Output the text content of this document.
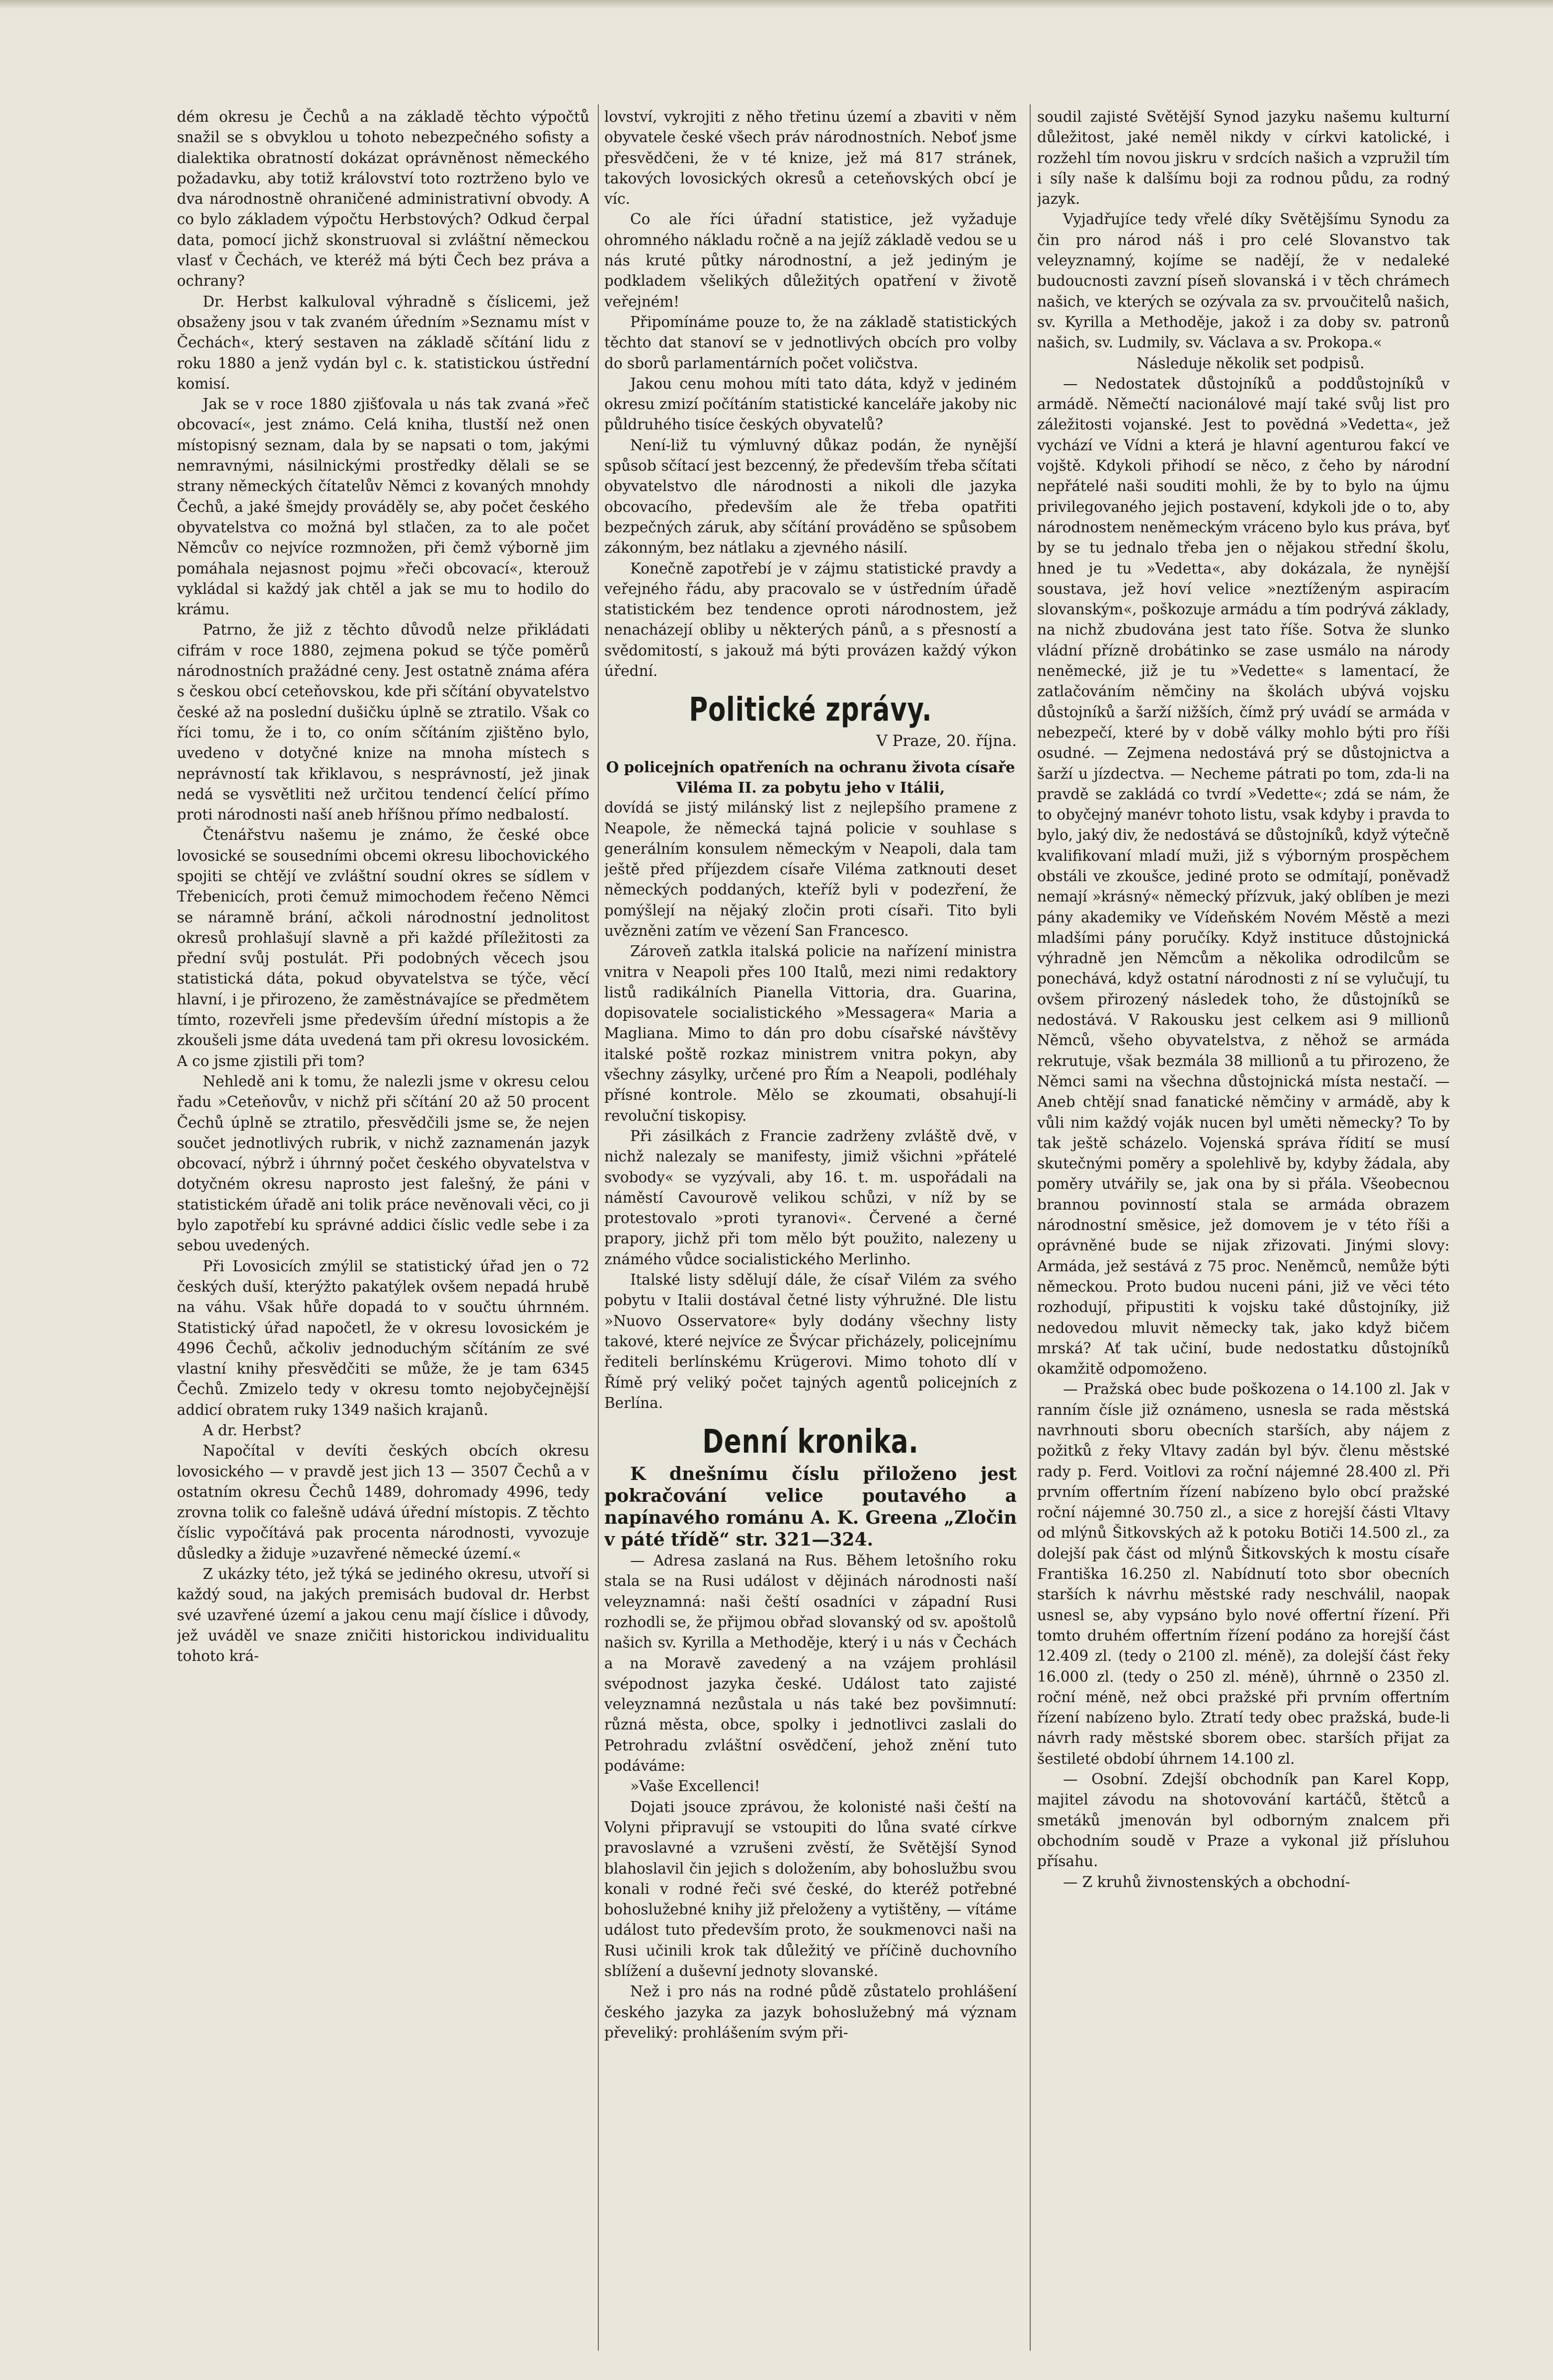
dém okresu je Čechů a na základě těchto výpočtů snažil se s obvyklou u tohoto nebezpečného sofisty a dialektika obratností dokázat oprávněnost německého požadavku, aby totiž království toto roztrženo bylo ve dva národnostně ohraničené administrativní obvody. A co bylo základem výpočtu Herbstových? Odkud čerpal data, pomocí jichž skonstruoval si zvláštní německou vlasť v Čechách, ve kteréž má býti Čech bez práva a ochrany?

Dr. Herbst kalkuloval výhradně s číslicemi, jež obsaženy jsou v tak zvaném úředním »Seznamu míst v Čechách«, který sestaven na základě sčítání lidu z roku 1880 a jenž vydán byl c. k. statistickou ústřední komisí.

Jak se v roce 1880 zjišťovala u nás tak zvaná »řeč obcovací«, jest známo. Celá kniha, tlustší než onen místopisný seznam, dala by se napsati o tom, jakými nemravnými, násilnickými prostředky dělali se se strany německých čítatelův Němci z kovaných mnohdy Čechů, a jaké šmejdy prováděly se, aby počet českého obyvatelstva co možná byl stlačen, za to ale počet Němcův co nejvíce rozmnožen, při čemž výborně jim pomáhala nejasnost pojmu »řeči obcovací«, kterouž vykládal si každý jak chtěl a jak se mu to hodilo do krámu.

Patrno, že již z těchto důvodů nelze přikládati cifrám v roce 1880, zejmena pokud se týče poměrů národnostních pražádné ceny. Jest ostatně známa aféra s českou obcí ceteňovskou, kde při sčítání obyvatelstvo české až na poslední dušičku úplně se ztratilo. Však co říci tomu, že i to, co oním sčítáním zjištěno bylo, uvedeno v dotyčné knize na mnoha místech s neprávností tak křiklavou, s nesprávností, jež jinak nedá se vysvětliti než určitou tendencí čelící přímo proti národnosti naší aneb hříšnou přímo nedbalostí.

Čtenářstvu našemu je známo, že české obce lovosické se sousedními obcemi okresu libochovického spojiti se chtějí ve zvláštní soudní okres se sídlem v Třebenicích, proti čemuž mimochodem řečeno Němci se náramně brání, ačkoli národnostní jednolitost okresů prohlašují slavně a při každé příležitosti za přední svůj postulát. Při podobných věcech jsou statistická dáta, pokud obyvatelstva se týče, věcí hlavní, i je přirozeno, že zaměstnávajíce se předmětem tímto, rozevřeli jsme především úřední místopis a že zkoušeli jsme dáta uvedená tam při okresu lovosickém. A co jsme zjistili při tom?

Nehledě ani k tomu, že nalezli jsme v okresu celou řadu »Ceteňovův, v nichž při sčítání 20 až 50 procent Čechů úplně se ztratilo, přesvědčili jsme se, že nejen součet jednotlivých rubrik, v nichž zaznamenán jazyk obcovací, nýbrž i úhrnný počet českého obyvatelstva v dotyčném okresu naprosto jest falešný, že páni v statistickém úřadě ani tolik práce nevěnovali věci, co ji bylo zapotřebí ku správné addici číslic vedle sebe i za sebou uvedených.

Při Lovosicích zmýlil se statistický úřad jen o 72 českých duší, kterýžto pakatýlek ovšem nepadá hrubě na váhu. Však hůře dopadá to v součtu úhrnném. Statistický úřad napočetl, že v okresu lovosickém je 4996 Čechů, ačkoliv jednoduchým sčítáním ze své vlastní knihy přesvědčiti se může, že je tam 6345 Čechů. Zmizelo tedy v okresu tomto nejobyčejnější addicí obratem ruky 1349 našich krajanů.

A dr. Herbst?

Napočítal v devíti českých obcích okresu lovosického — v pravdě jest jich 13 — 3507 Čechů a v ostatním okresu Čechů 1489, dohromady 4996, tedy zrovna tolik co falešně udává úřední místopis. Z těchto číslic vypočítává pak procenta národnosti, vyvozuje důsledky a židuje »uzavřené německé území.«

Z ukázky této, jež týká se jediného okresu, utvoří si každý soud, na jakých premisách budoval dr. Herbst své uzavřené území a jakou cenu mají číslice i důvody, jež uváděl ve snaze zničiti historickou individualitu tohoto krá-

lovství, vykrojiti z něho třetinu území a zbaviti v něm obyvatele české všech práv národnostních. Neboť jsme přesvědčeni, že v té knize, jež má 817 stránek, takových lovosických okresů a ceteňovských obcí je víc.

Co ale říci úřadní statistice, jež vyžaduje ohromného nákladu ročně a na jejíž základě vedou se u nás kruté půtky národnostní, a jež jediným je podkladem všelikých důležitých opatření v životě veřejném!

Připomínáme pouze to, že na základě statistických těchto dat stanoví se v jednotlivých obcích pro volby do sborů parlamentárních počet voličstva.

Jakou cenu mohou míti tato dáta, když v jediném okresu zmizí počítáním statistické kanceláře jakoby nic půldruhého tisíce českých obyvatelů?

Není-liž tu výmluvný důkaz podán, že nynější spůsob sčítací jest bezcenný, že především třeba sčítati obyvatelstvo dle národnosti a nikoli dle jazyka obcovacího, především ale že třeba opatřiti bezpečných záruk, aby sčítání prováděno se spůsobem zákonným, bez nátlaku a zjevného násilí.

Konečně zapotřebí je v zájmu statistické pravdy a veřejného řádu, aby pracovalo se v ústředním úřadě statistickém bez tendence oproti národnostem, jež nenacházejí obliby u některých pánů, a s přesností a svědomitostí, s jakouž má býti provázen každý výkon úřední.

Politické zprávy.
V Praze, 20. října.

O policejních opatřeních na ochranu života císaře Viléma II. za pobytu jeho v Itálii,

dovídá se jistý milánský list z nejlepšího pramene z Neapole, že německá tajná policie v souhlase s generálním konsulem německým v Neapoli, dala tam ještě před příjezdem císaře Viléma zatknouti deset německých poddaných, kteříž byli v podezření, že pomýšlejí na nějaký zločin proti císaři. Tito byli uvězněni zatím ve vězení San Francesco.

Zároveň zatkla italská policie na nařízení ministra vnitra v Neapoli přes 100 Italů, mezi nimi redaktory listů radikálních Pianella Vittoria, dra. Guarina, dopisovatele socialistického »Messagera« Maria a Magliana. Mimo to dán pro dobu císařské návštěvy italské poště rozkaz ministrem vnitra pokyn, aby všechny zásylky, určené pro Řím a Neapoli, podléhaly přísné kontrole. Mělo se zkoumati, obsahují-li revoluční tiskopisy.

Při zásilkách z Francie zadrženy zvláště dvě, v nichž nalezaly se manifesty, jimiž všichni »přátelé svobody« se vyzývali, aby 16. t. m. uspořádali na náměstí Cavourově velikou schůzi, v níž by se protestovalo »proti tyranovi«. Červené a černé prapory, jichž při tom mělo být použito, nalezeny u známého vůdce socialistického Merlinho.

Italské listy sdělují dále, že císař Vilém za svého pobytu v Italii dostával četné listy výhružné. Dle listu »Nuovo Osservatore« byly dodány všechny listy takové, které nejvíce ze Švýcar přicházely, policejnímu řediteli berlínskému Krügerovi. Mimo tohoto dlí v Římě prý veliký počet tajných agentů policejních z Berlína.

Denní kronika.

K dnešnímu číslu přiloženo jest pokračování velice poutavého a napínavého románu A. K. Greena „Zločin v páté třídě“ str. 321—324.

— Adresa zaslaná na Rus. Během letošního roku stala se na Rusi událost v dějinách národnosti naší veleyznamná: naši čeští osadníci v západní Rusi rozhodli se, že přijmou obřad slovanský od sv. apoštolů našich sv. Kyrilla a Methoděje, který i u nás v Čechách a na Moravě zavedený a na vzájem prohlásil svépodnost jazyka české. Událost tato zajisté veleyznamná nezůstala u nás také bez povšimnutí: různá města, obce, spolky i jednotlivci zaslali do Petrohradu zvláštní osvědčení, jehož znění tuto podáváme:

»Vaše Excellenci!

Dojati jsouce zprávou, že kolonisté naši čeští na Volyni připravují se vstoupiti do lůna svaté církve pravoslavné a vzrušeni zvěstí, že Světější Synod blahoslavil čin jejich s doložením, aby bohoslužbu svou konali v rodné řeči své české, do kteréž potřebné bohoslužebné knihy již přeloženy a vytištěny, — vítáme událost tuto především proto, že soukmenovci naši na Rusi učinili krok tak důležitý ve příčině duchovního sblížení a duševní jednoty slovanské.

Než i pro nás na rodné půdě zůstatelo prohlášení českého jazyka za jazyk bohoslužebný má význam převeliký: prohlášením svým při-

soudil zajisté Světější Synod jazyku našemu kulturní důležitost, jaké neměl nikdy v církvi katolické, i rozžehl tím novou jiskru v srdcích našich a vzpružil tím i síly naše k dalšímu boji za rodnou půdu, za rodný jazyk.

Vyjadřujíce tedy vřelé díky Světějšímu Synodu za čin pro národ náš i pro celé Slovanstvo tak veleyznamný, kojíme se nadějí, že v nedaleké budoucnosti zavzní píseň slovanská i v těch chrámech našich, ve kterých se ozývala za sv. prvoučitelů našich, sv. Kyrilla a Methoděje, jakož i za doby sv. patronů našich, sv. Ludmily, sv. Václava a sv. Prokopa.«

Následuje několik set podpisů.

— Nedostatek důstojníků a poddůstojníků v armádě. Němečtí nacionálové mají také svůj list pro záležitosti vojanské. Jest to povědná »Vedetta«, jež vychází ve Vídni a která je hlavní agenturou fakcí ve vojště. Kdykoli přihodí se něco, z čeho by národní nepřátelé naši souditi mohli, že by to bylo na újmu privilegovaného jejich postavení, kdykoli jde o to, aby národnostem neněmeckým vráceno bylo kus práva, byť by se tu jednalo třeba jen o nějakou střední školu, hned je tu »Vedetta«, aby dokázala, že nynější soustava, jež hoví velice »neztíženým aspiracím slovanským«, poškozuje armádu a tím podrývá základy, na nichž zbudována jest tato říše. Sotva že slunko vládní přízně drobátinko se zase usmálo na národy neněmecké, již je tu »Vedette« s lamentací, že zatlačováním němčiny na školách ubývá vojsku důstojníků a šarží nižších, čímž prý uvádí se armáda v nebezpečí, které by v době války mohlo býti pro říši osudné. — Zejmena nedostává prý se důstojnictva a šarží u jízdectva. — Necheme pátrati po tom, zda-li na pravdě se zakládá co tvrdí »Vedette«; zdá se nám, že to obyčejný manévr tohoto listu, vsak kdyby i pravda to bylo, jaký div, že nedostává se důstojníků, když výtečně kvalifikovaní mladí muži, již s výborným prospěchem obstáli ve zkoušce, jediné proto se odmítají, poněvadž nemají »krásný« německý přízvuk, jaký oblíben je mezi pány akademiky ve Vídeňském Novém Městě a mezi mladšími pány poručíky. Když instituce důstojnická výhradně jen Němcům a několika odrodilcům se ponechává, když ostatní národnosti z ní se vylučují, tu ovšem přirozený následek toho, že důstojníků se nedostává. V Rakousku jest celkem asi 9 millionů Němců, všeho obyvatelstva, z něhož se armáda rekrutuje, však bezmála 38 millionů a tu přirozeno, že Němci sami na všechna důstojnická místa nestačí. — Aneb chtějí snad fanatické němčiny v armádě, aby k vůli nim každý voják nucen byl uměti německy? To by tak ještě scházelo. Vojenská správa řídití se musí skutečnými poměry a spolehlivě by, kdyby žádala, aby poměry utvářily se, jak ona by si přála. Všeobecnou brannou povinností stala se armáda obrazem národnostní směsice, jež domovem je v této říši a oprávněné bude se nijak zřizovati. Jinými slovy: Armáda, jež sestává z 75 proc. Neněmců, nemůže býti německou. Proto budou nuceni páni, již ve věci této rozhodují, připustiti k vojsku také důstojníky, již nedovedou mluvit německy tak, jako když bičem mrská? Ať tak učiní, bude nedostatku důstojníků okamžitě odpomoženo.

— Pražská obec bude poškozena o 14.100 zl. Jak v ranním čísle již oznámeno, usnesla se rada městská navrhnouti sboru obecních starších, aby nájem z požitků z řeky Vltavy zadán byl býv. členu městské rady p. Ferd. Voitlovi za roční nájemné 28.400 zl. Při prvním offertním řízení nabízeno bylo obcí pražské roční nájemné 30.750 zl., a sice z horejší části Vltavy od mlýnů Šitkovských až k potoku Botiči 14.500 zl., za dolejší pak část od mlýnů Šitkovských k mostu císaře Františka 16.250 zl. Nabídnutí toto sbor obecních starších k návrhu městské rady neschválil, naopak usnesl se, aby vypsáno bylo nové offertní řízení. Při tomto druhém offertním řízení podáno za horejší část 12.409 zl. (tedy o 2100 zl. méně), za dolejší část řeky 16.000 zl. (tedy o 250 zl. méně), úhrnně o 2350 zl. roční méně, než obci pražské při prvním offertním řízení nabízeno bylo. Ztratí tedy obec pražská, bude-li návrh rady městské sborem obec. starších přijat za šestileté období úhrnem 14.100 zl.

— Osobní. Zdejší obchodník pan Karel Kopp, majitel závodu na shotovování kartáčů, štětců a smetáků jmenován byl odborným znalcem při obchodním soudě v Praze a vykonal již přísluhou přísahu.

— Z kruhů živnostenských a obchodní-
